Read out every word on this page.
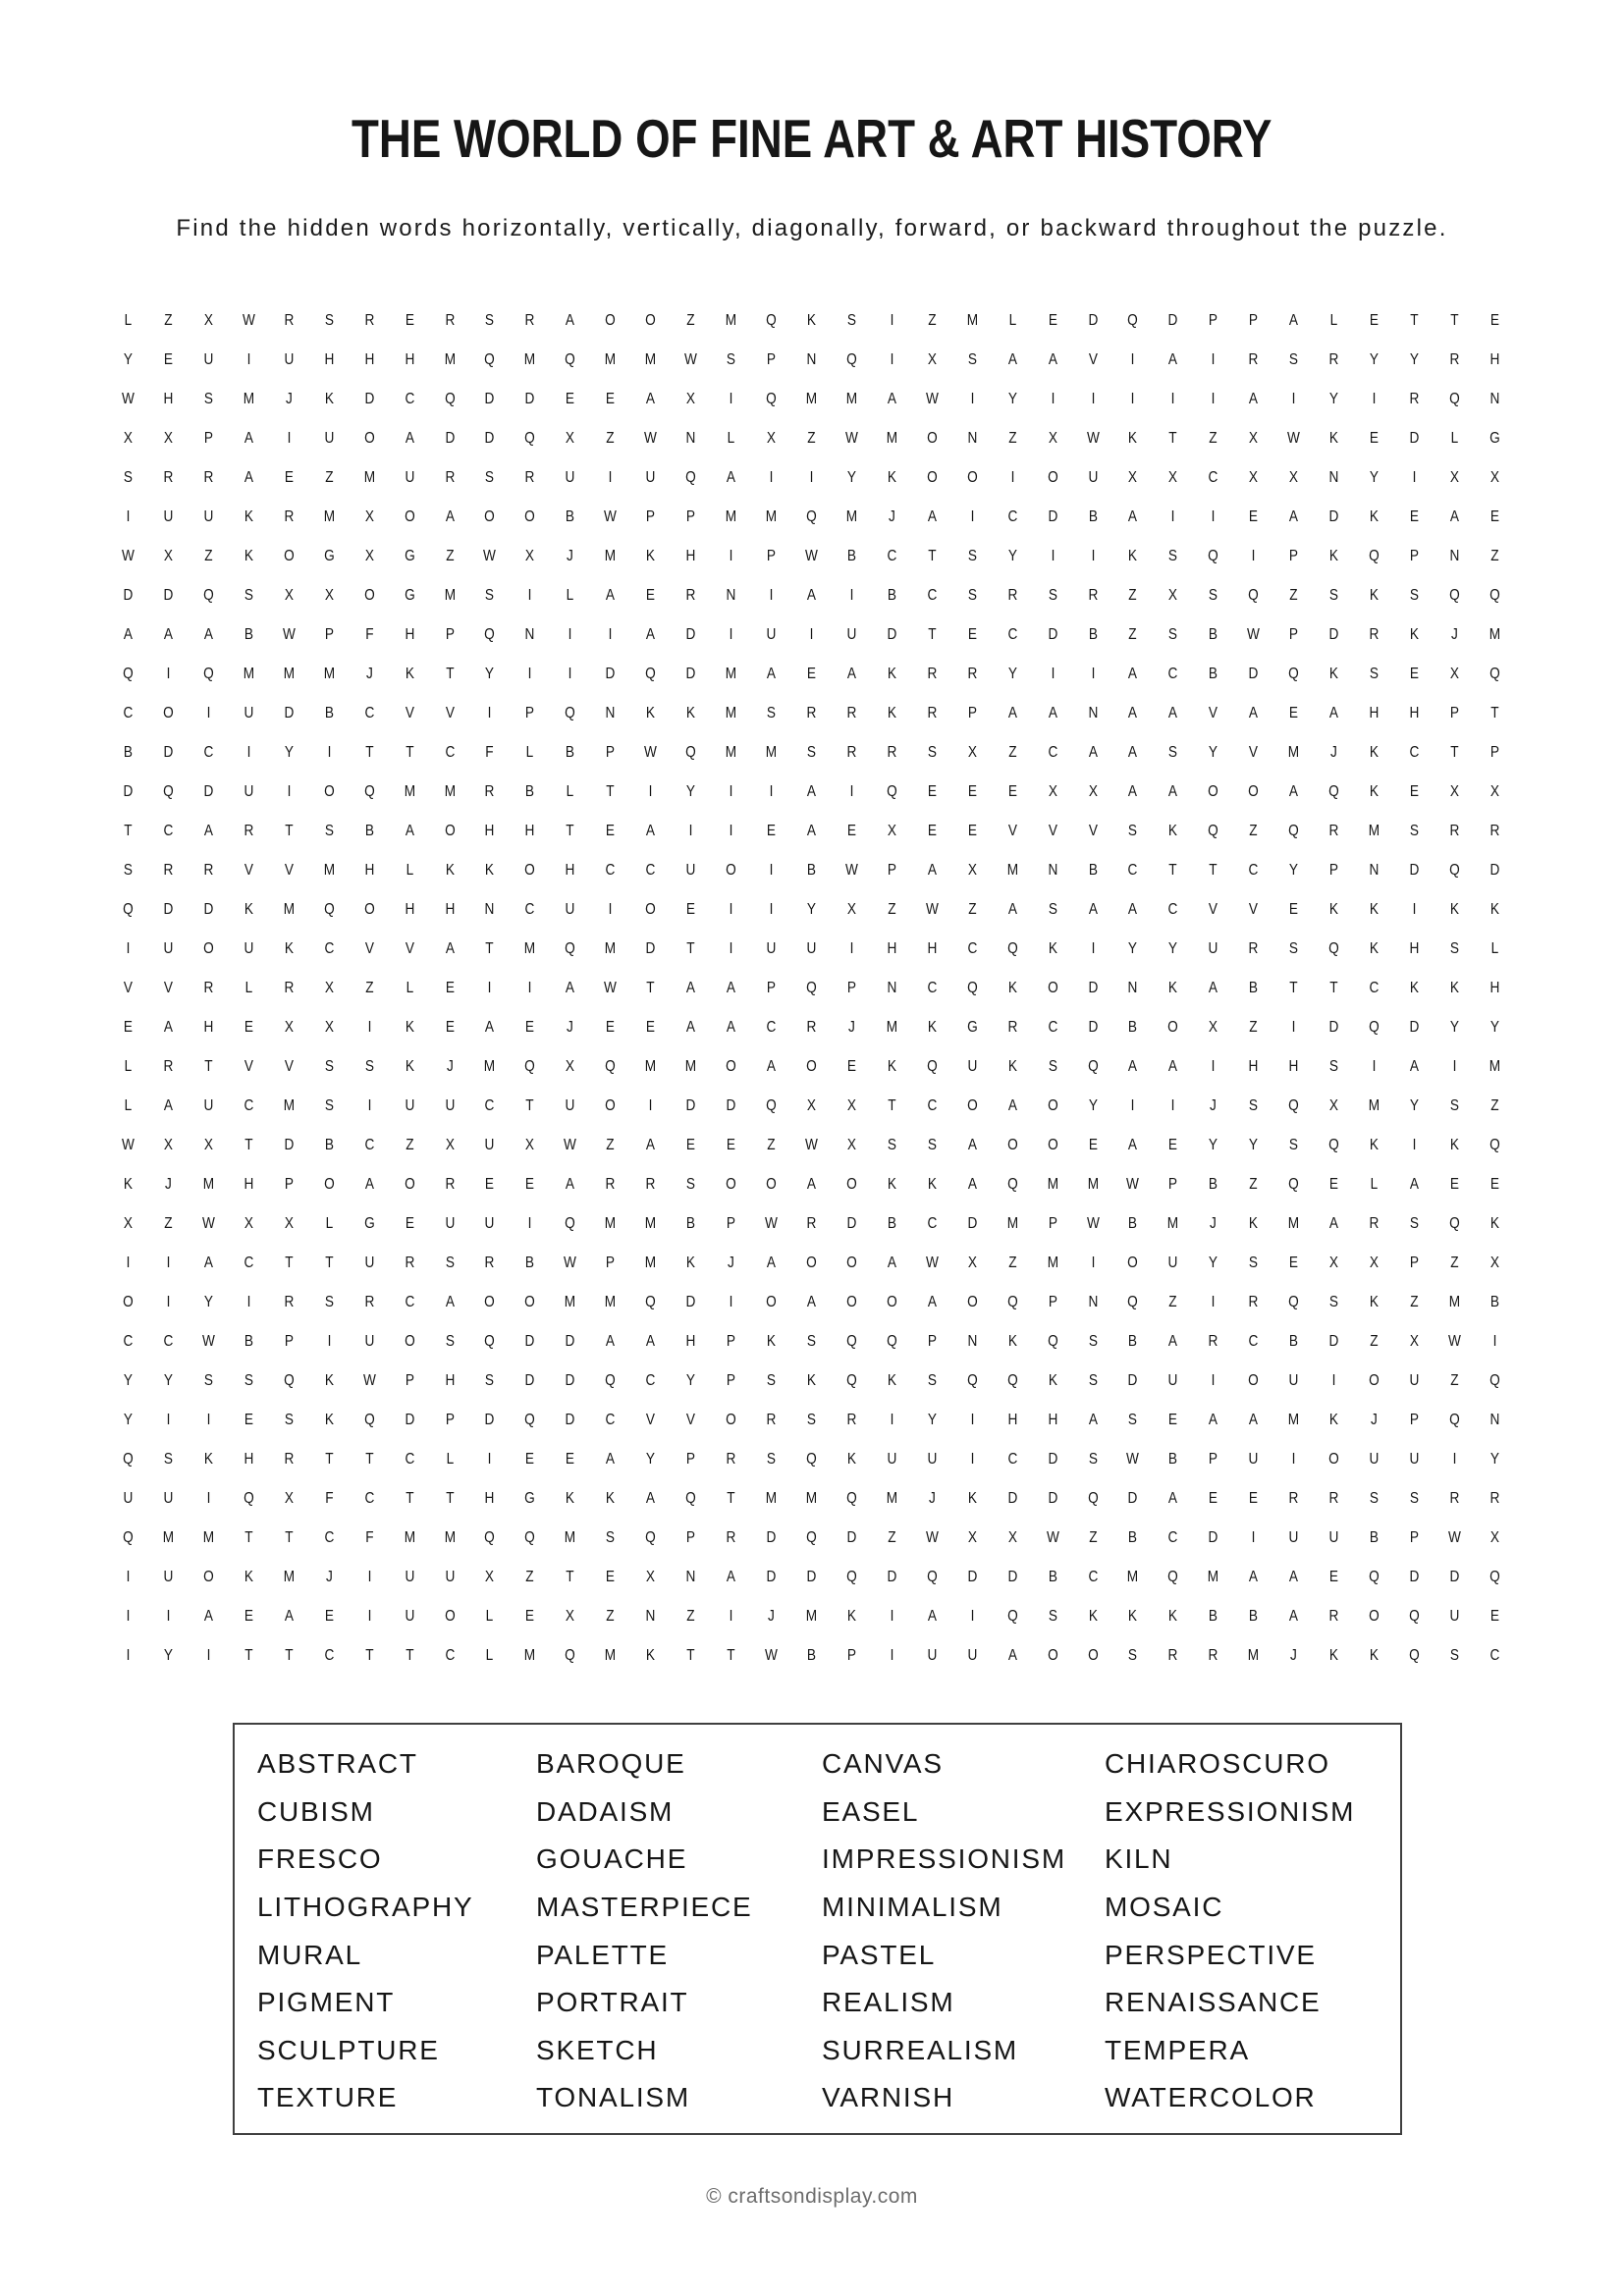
THE WORLD OF FINE ART & ART HISTORY
Find the hidden words horizontally, vertically, diagonally, forward, or backward throughout the puzzle.
L	Z	X	W	R	S	R	E	R	S	R	A	O	O	Z	M	Q	K	S	I	Z	M	L	E	D	Q	D	P	P	A	L	E	T	T	E
Y	E	U	I	U	H	H	H	M	Q	M	Q	M	M	W	S	P	N	Q	I	X	S	A	A	V	I	A	I	R	S	R	Y	Y	R	H
W	H	S	M	J	K	D	C	Q	D	D	E	E	A	X	I	Q	M	M	A	W	I	Y	I	I	I	I	I	A	I	Y	I	R	Q	N
X	X	P	A	I	U	O	A	D	D	Q	X	Z	W	N	L	X	Z	W	M	O	N	Z	X	W	K	T	Z	X	W	K	E	D	L	G
S	R	R	A	E	Z	M	U	R	S	R	U	I	U	Q	A	I	I	Y	K	O	O	I	O	U	X	X	C	X	X	N	Y	I	X	X
I	U	U	K	R	M	X	O	A	O	O	B	W	P	P	M	M	Q	M	J	A	I	C	D	B	A	I	I	E	A	D	K	E	A	E
W	X	Z	K	O	G	X	G	Z	W	X	J	M	K	H	I	P	W	B	C	T	S	Y	I	I	K	S	Q	I	P	K	Q	P	N	Z
D	D	Q	S	X	X	O	G	M	S	I	L	A	E	R	N	I	A	I	B	C	S	R	S	R	Z	X	S	Q	Z	S	K	S	Q	Q
A	A	A	B	W	P	F	H	P	Q	N	I	I	A	D	I	U	I	U	D	T	E	C	D	B	Z	S	B	W	P	D	R	K	J	M
Q	I	Q	M	M	M	J	K	T	Y	I	I	D	Q	D	M	A	E	A	K	R	R	Y	I	I	A	C	B	D	Q	K	S	E	X	Q
C	O	I	U	D	B	C	V	V	I	P	Q	N	K	K	M	S	R	R	K	R	P	A	A	N	A	A	V	A	E	A	H	H	P	T
B	D	C	I	Y	I	T	T	C	F	L	B	P	W	Q	M	M	S	R	R	S	X	Z	C	A	A	S	Y	V	M	J	K	C	T	P
D	Q	D	U	I	O	Q	M	M	R	B	L	T	I	Y	I	I	A	I	Q	E	E	E	X	X	A	A	O	O	A	Q	K	E	X	X
T	C	A	R	T	S	B	A	O	H	H	T	E	A	I	I	E	A	E	X	E	E	V	V	V	S	K	Q	Z	Q	R	M	S	R	R
S	R	R	V	V	M	H	L	K	K	O	H	C	C	U	O	I	B	W	P	A	X	M	N	B	C	T	T	C	Y	P	N	D	Q	D
Q	D	D	K	M	Q	O	H	H	N	C	U	I	O	E	I	I	Y	X	Z	W	Z	A	S	A	A	C	V	V	E	K	K	I	K	K
I	U	O	U	K	C	V	V	A	T	M	Q	M	D	T	I	U	U	I	H	H	C	Q	K	I	Y	Y	U	R	S	Q	K	H	S	L
V	V	R	L	R	X	Z	L	E	I	I	A	W	T	A	A	P	Q	P	N	C	Q	K	O	D	N	K	A	B	T	T	C	K	K	H
E	A	H	E	X	X	I	K	E	A	E	J	E	E	A	A	C	R	J	M	K	G	R	C	D	B	O	X	Z	I	D	Q	D	Y	Y
L	R	T	V	V	S	S	K	J	M	Q	X	Q	M	M	O	A	O	E	K	Q	U	K	S	Q	A	A	I	H	H	S	I	A	I	M
L	A	U	C	M	S	I	U	U	C	T	U	O	I	D	D	Q	X	X	T	C	O	A	O	Y	I	I	J	S	Q	X	M	Y	S	Z
W	X	X	T	D	B	C	Z	X	U	X	W	Z	A	E	E	Z	W	X	S	S	A	O	O	E	A	E	Y	Y	S	Q	K	I	K	Q
K	J	M	H	P	O	A	O	R	E	E	A	R	R	S	O	O	A	O	K	K	A	Q	M	M	W	P	B	Z	Q	E	L	A	E	E
X	Z	W	X	X	L	G	E	U	U	I	Q	M	M	B	P	W	R	D	B	C	D	M	P	W	B	M	J	K	M	A	R	S	Q	K
I	I	A	C	T	T	U	R	S	R	B	W	P	M	K	J	A	O	O	A	W	X	Z	M	I	O	U	Y	S	E	X	X	P	Z	X
O	I	Y	I	R	S	R	C	A	O	O	M	M	Q	D	I	O	A	O	O	A	O	Q	P	N	Q	Z	I	R	Q	S	K	Z	M	B
C	C	W	B	P	I	U	O	S	Q	D	D	A	A	H	P	K	S	Q	Q	P	N	K	Q	S	B	A	R	C	B	D	Z	X	W	I
Y	Y	S	S	Q	K	W	P	H	S	D	D	Q	C	Y	P	S	K	Q	K	S	Q	Q	K	S	D	U	I	O	U	I	O	U	Z	Q
Y	I	I	E	S	K	Q	D	P	D	Q	D	C	V	V	O	R	S	R	I	Y	I	H	H	A	S	E	A	A	M	K	J	P	Q	N
Q	S	K	H	R	T	T	C	L	I	E	E	A	Y	P	R	S	Q	K	U	U	I	C	D	S	W	B	P	U	I	O	U	U	I	Y
U	U	I	Q	X	F	C	T	T	H	G	K	K	A	Q	T	M	M	Q	M	J	K	D	D	Q	D	A	E	E	R	R	S	S	R	R
Q	M	M	T	T	C	F	M	M	Q	Q	M	S	Q	P	R	D	Q	D	Z	W	X	X	W	Z	B	C	D	I	U	U	B	P	W	X
I	U	O	K	M	J	I	U	U	X	Z	T	E	X	N	A	D	D	Q	D	Q	D	D	B	C	M	Q	M	A	A	E	Q	D	D	Q
I	I	A	E	A	E	I	U	O	L	E	X	Z	N	Z	I	J	M	K	I	A	I	Q	S	K	K	K	B	B	A	R	O	Q	U	E
I	Y	I	T	T	C	T	T	C	L	M	Q	M	K	T	T	W	B	P	I	U	U	A	O	O	S	R	R	M	J	K	K	Q	S	C
ABSTRACT	BAROQUE	CANVAS	CHIAROSCURO
CUBISM	DADAISM	EASEL	EXPRESSIONISM
FRESCO	GOUACHE	IMPRESSIONISM	KILN
LITHOGRAPHY	MASTERPIECE	MINIMALISM	MOSAIC
MURAL	PALETTE	PASTEL	PERSPECTIVE
PIGMENT	PORTRAIT	REALISM	RENAISSANCE
SCULPTURE	SKETCH	SURREALISM	TEMPERA
TEXTURE	TONALISM	VARNISH	WATERCOLOR
© craftsondisplay.com
